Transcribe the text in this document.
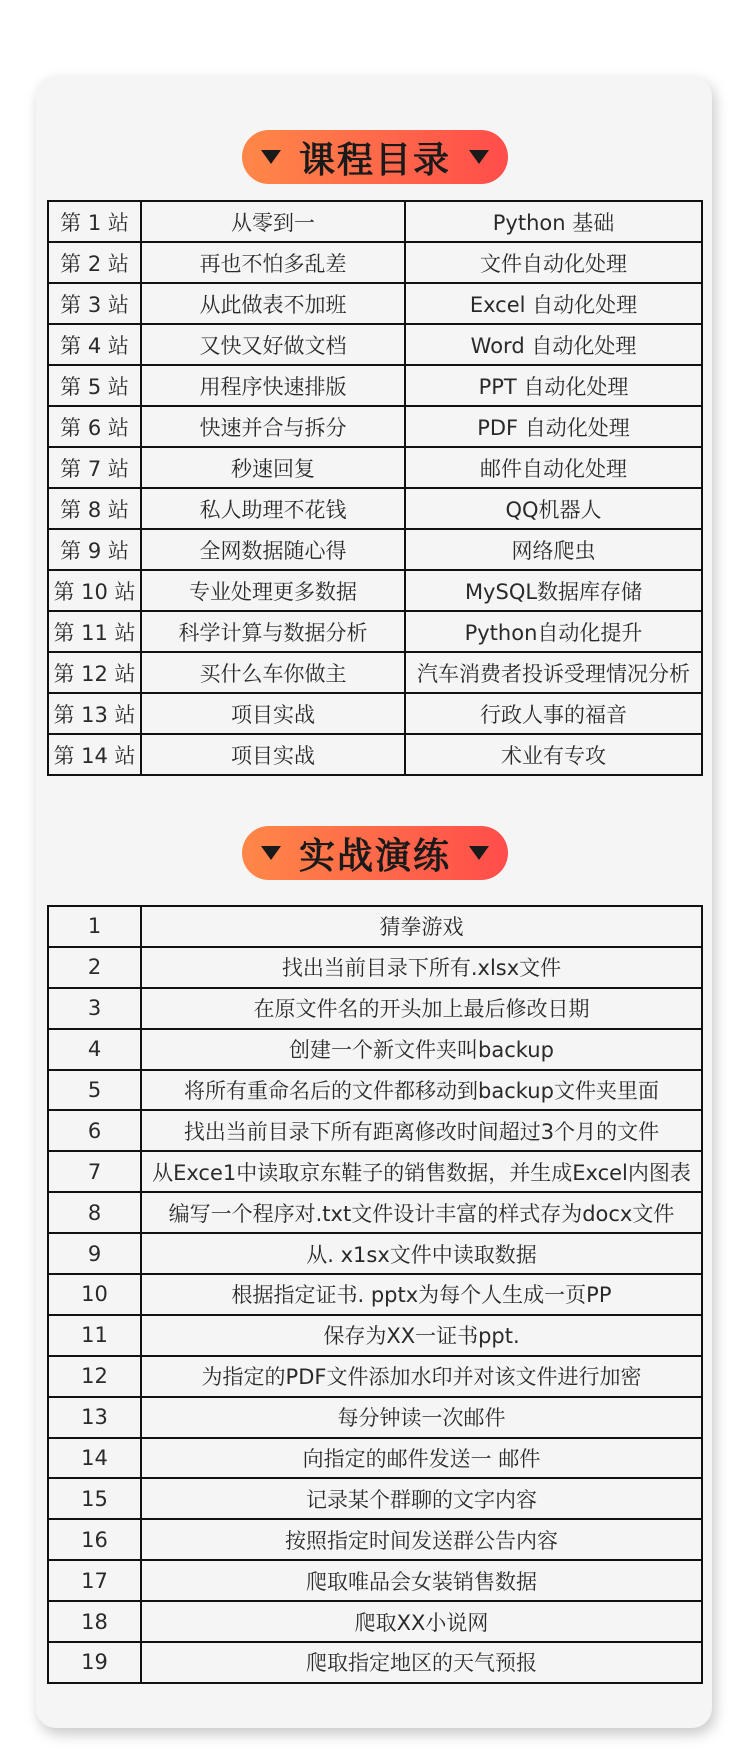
课程目录
第 1 站	从零到一	Python 基础
第 2 站	再也不怕多乱差	文件自动化处理
第 3 站	从此做表不加班	Excel 自动化处理
第 4 站	又快又好做文档	Word 自动化处理
第 5 站	用程序快速排版	PPT 自动化处理
第 6 站	快速并合与拆分	PDF 自动化处理
第 7 站	秒速回复	邮件自动化处理
第 8 站	私人助理不花钱	QQ机器人
第 9 站	全网数据随心得	网络爬虫
第 10 站	专业处理更多数据	MySQL数据库存储
第 11 站	科学计算与数据分析	Python自动化提升
第 12 站	买什么车你做主	汽车消费者投诉受理情况分析
第 13 站	项目实战	行政人事的福音
第 14 站	项目实战	术业有专攻
实战演练
1	猜拳游戏
2	找出当前目录下所有.xlsx文件
3	在原文件名的开头加上最后修改日期
4	创建一个新文件夹叫backup
5	将所有重命名后的文件都移动到backup文件夹里面
6	找出当前目录下所有距离修改时间超过3个月的文件
7	从Exce1中读取京东鞋子的销售数据，并生成Excel内图表
8	编写一个程序对.txt文件设计丰富的样式存为docx文件
9	从. x1sx文件中读取数据
10	根据指定证书. pptx为每个人生成一页PP
11	保存为XX一证书ppt.
12	为指定的PDF文件添加水印并对该文件进行加密
13	每分钟读一次邮件
14	向指定的邮件发送一 邮件
15	记录某个群聊的文字内容
16	按照指定时间发送群公告内容
17	爬取唯品会女装销售数据
18	爬取XX小说网
19	爬取指定地区的天气预报
